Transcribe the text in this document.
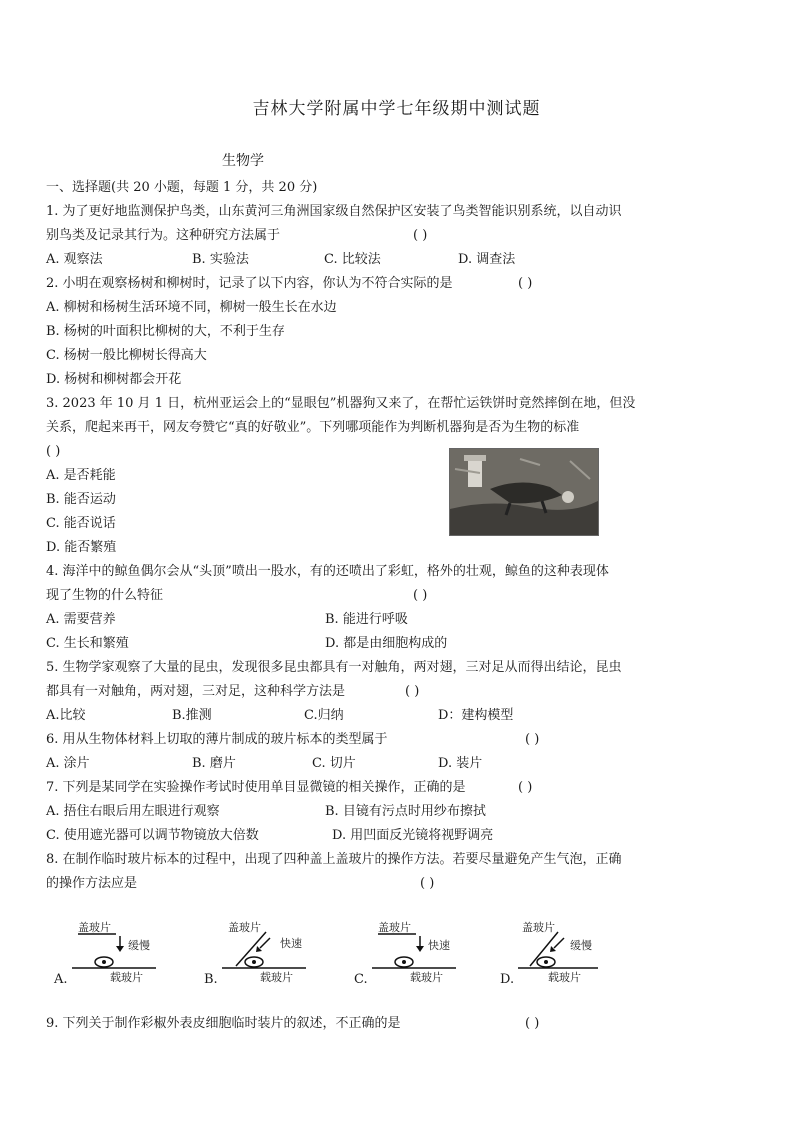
吉林大学附属中学七年级期中测试题
生物学
一、选择题(共 20 小题，每题 1 分，共 20 分)
1. 为了更好地监测保护鸟类，山东黄河三角洲国家级自然保护区安装了鸟类智能识别系统，以自动识
别鸟类及记录其行为。这种研究方法属于	( )
A. 观察法	B. 实验法	C. 比较法	D. 调查法
2. 小明在观察杨树和柳树时，记录了以下内容，你认为不符合实际的是	( )
A. 柳树和杨树生活环境不同，柳树一般生长在水边
B. 杨树的叶面积比柳树的大，不利于生存
C. 杨树一般比柳树长得高大
D. 杨树和柳树都会开花
3. 2023 年 10 月 1 日，杭州亚运会上的“显眼包”机器狗又来了，在帮忙运铁饼时竟然摔倒在地，但没
关系，爬起来再干，网友夸赞它“真的好敬业”。下列哪项能作为判断机器狗是否为生物的标准
( )
A. 是否耗能
B. 能否运动
C. 能否说话
D. 能否繁殖
4. 海洋中的鲸鱼偶尔会从“头顶”喷出一股水，有的还喷出了彩虹，格外的壮观，鲸鱼的这种表现体
现了生物的什么特征	( )
A. 需要营养	B. 能进行呼吸
C. 生长和繁殖	D. 都是由细胞构成的
5. 生物学家观察了大量的昆虫，发现很多昆虫都具有一对触角，两对翅，三对足从而得出结论，昆虫
都具有一对触角，两对翅，三对足，这种科学方法是	( )
A.比较	B.推测	C.归纳	D：建构模型
6. 用从生物体材料上切取的薄片制成的玻片标本的类型属于	( )
A. 涂片	B. 磨片	C. 切片	D. 装片
7. 下列是某同学在实验操作考试时使用单目显微镜的相关操作，正确的是	( )
A. 捂住右眼后用左眼进行观察	B. 目镜有污点时用纱布擦拭
C. 使用遮光器可以调节物镜放大倍数	D. 用凹面反光镜将视野调亮
8. 在制作临时玻片标本的过程中，出现了四种盖上盖玻片的操作方法。若要尽量避免产生气泡，正确
的操作方法应是	( )
盖玻片
缓慢
载玻片
A.
盖玻片
快速
载玻片
B.
盖玻片
快速
载玻片
C.
盖玻片
缓慢
载玻片
D.
9. 下列关于制作彩椒外表皮细胞临时装片的叙述，不正确的是	( )
